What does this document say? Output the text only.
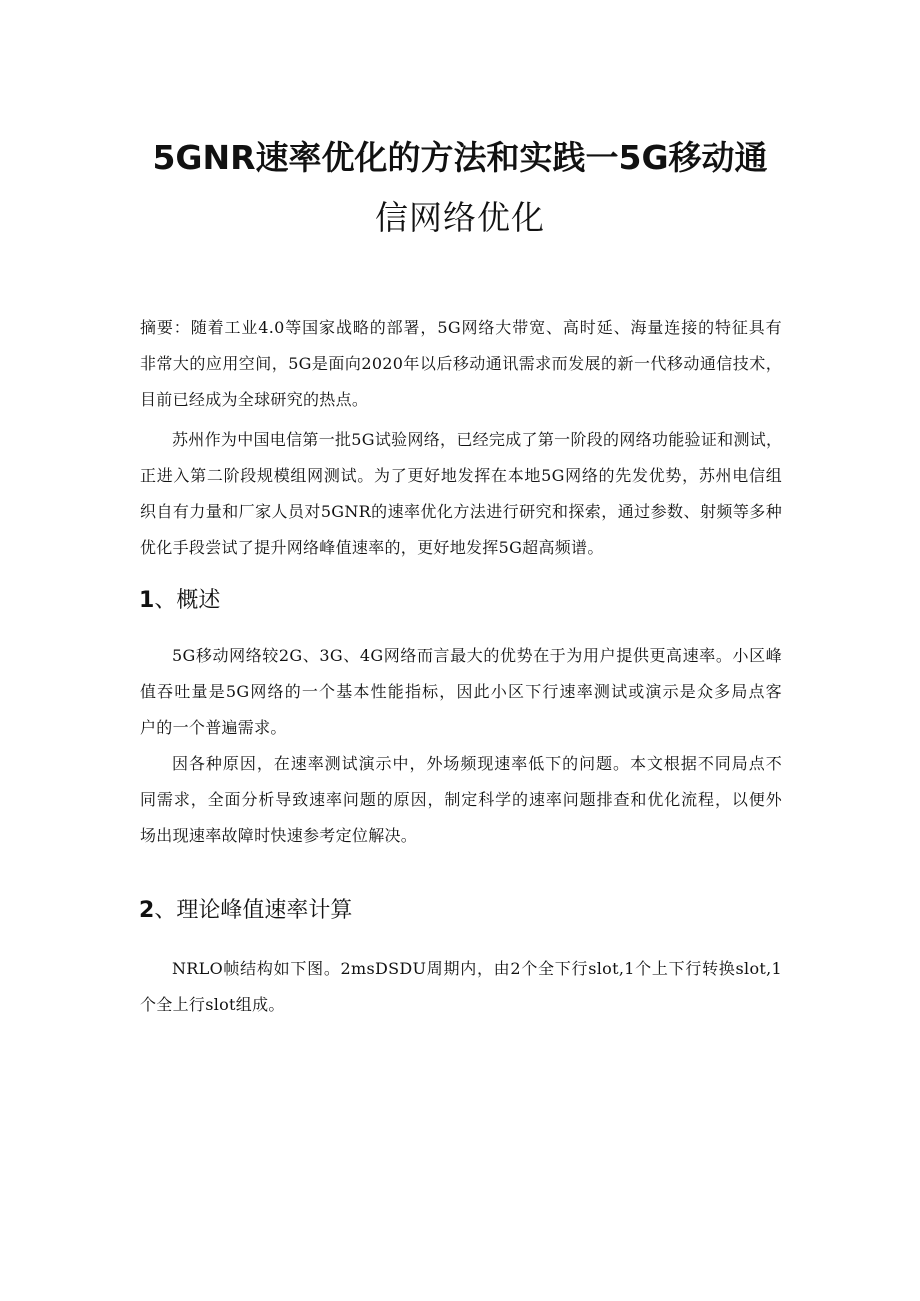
5GNR速率优化的方法和实践一5G移动通
信网络优化
摘要：随着工业4.0等国家战略的部署，5G网络大带宽、高时延、海量连接的特征具有
非常大的应用空间，5G是面向2020年以后移动通讯需求而发展的新一代移动通信技术，
目前已经成为全球研究的热点。
苏州作为中国电信第一批5G试验网络，已经完成了第一阶段的网络功能验证和测试，
正进入第二阶段规模组网测试。为了更好地发挥在本地5G网络的先发优势，苏州电信组
织自有力量和厂家人员对5GNR的速率优化方法进行研究和探索，通过参数、射频等多种
优化手段尝试了提升网络峰值速率的，更好地发挥5G超高频谱。
1、概述
5G移动网络较2G、3G、4G网络而言最大的优势在于为用户提供更高速率。小区峰
值吞吐量是5G网络的一个基本性能指标，因此小区下行速率测试或演示是众多局点客
户的一个普遍需求。
因各种原因，在速率测试演示中，外场频现速率低下的问题。本文根据不同局点不
同需求，全面分析导致速率问题的原因，制定科学的速率问题排查和优化流程，以便外
场出现速率故障时快速参考定位解决。
2、理论峰值速率计算
NRLO帧结构如下图。2msDSDU周期内，由2个全下行slot,1个上下行转换slot,1
个全上行slot组成。
